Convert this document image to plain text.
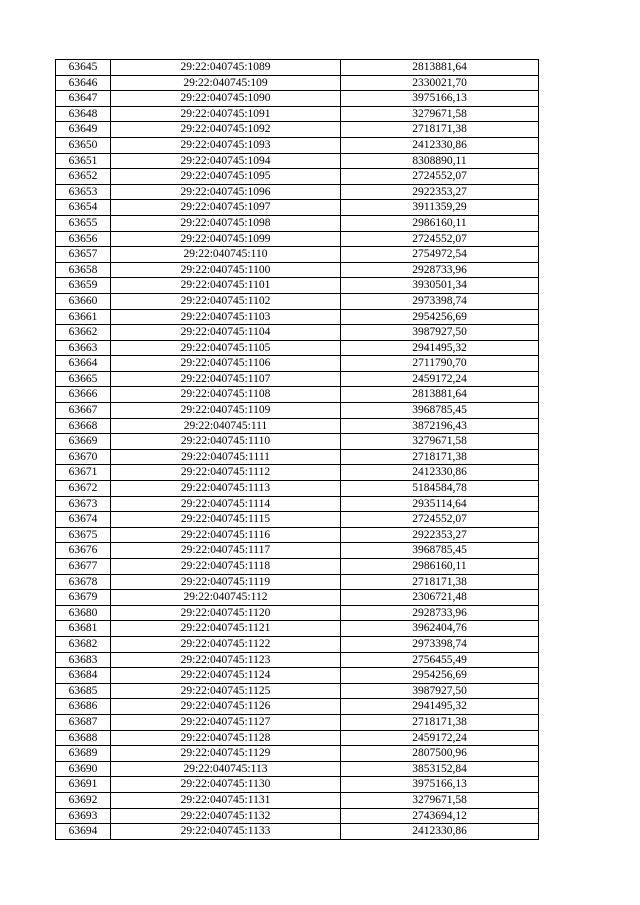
63645	29:22:040745:1089	2813881,64
63646	29:22:040745:109	2330021,70
63647	29:22:040745:1090	3975166,13
63648	29:22:040745:1091	3279671,58
63649	29:22:040745:1092	2718171,38
63650	29:22:040745:1093	2412330,86
63651	29:22:040745:1094	8308890,11
63652	29:22:040745:1095	2724552,07
63653	29:22:040745:1096	2922353,27
63654	29:22:040745:1097	3911359,29
63655	29:22:040745:1098	2986160,11
63656	29:22:040745:1099	2724552,07
63657	29:22:040745:110	2754972,54
63658	29:22:040745:1100	2928733,96
63659	29:22:040745:1101	3930501,34
63660	29:22:040745:1102	2973398,74
63661	29:22:040745:1103	2954256,69
63662	29:22:040745:1104	3987927,50
63663	29:22:040745:1105	2941495,32
63664	29:22:040745:1106	2711790,70
63665	29:22:040745:1107	2459172,24
63666	29:22:040745:1108	2813881,64
63667	29:22:040745:1109	3968785,45
63668	29:22:040745:111	3872196,43
63669	29:22:040745:1110	3279671,58
63670	29:22:040745:1111	2718171,38
63671	29:22:040745:1112	2412330,86
63672	29:22:040745:1113	5184584,78
63673	29:22:040745:1114	2935114,64
63674	29:22:040745:1115	2724552,07
63675	29:22:040745:1116	2922353,27
63676	29:22:040745:1117	3968785,45
63677	29:22:040745:1118	2986160,11
63678	29:22:040745:1119	2718171,38
63679	29:22:040745:112	2306721,48
63680	29:22:040745:1120	2928733,96
63681	29:22:040745:1121	3962404,76
63682	29:22:040745:1122	2973398,74
63683	29:22:040745:1123	2756455,49
63684	29:22:040745:1124	2954256,69
63685	29:22:040745:1125	3987927,50
63686	29:22:040745:1126	2941495,32
63687	29:22:040745:1127	2718171,38
63688	29:22:040745:1128	2459172,24
63689	29:22:040745:1129	2807500,96
63690	29:22:040745:113	3853152,84
63691	29:22:040745:1130	3975166,13
63692	29:22:040745:1131	3279671,58
63693	29:22:040745:1132	2743694,12
63694	29:22:040745:1133	2412330,86
